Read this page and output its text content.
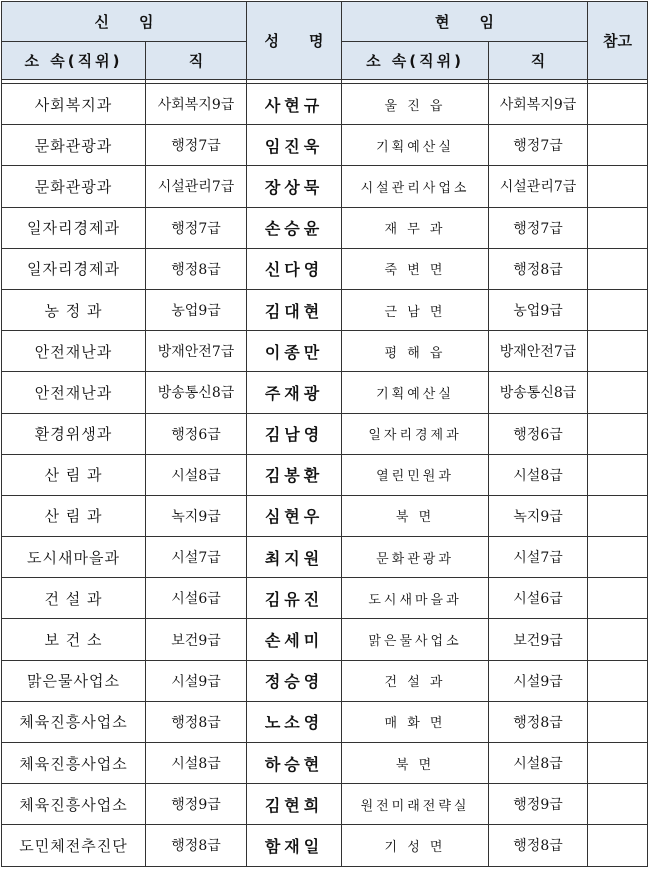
신　　임		성　　명	현　　임		참고
소 속(직위)	직		소 속(직위)	직	

사회복지과	사회복지9급	사현규	울 진 읍	사회복지9급	
문화관광과	행정7급	임진욱	기획예산실	행정7급	
문화관광과	시설관리7급	장상묵	시설관리사업소	시설관리7급	
일자리경제과	행정7급	손승윤	재 무 과	행정7급	
일자리경제과	행정8급	신다영	죽 변 면	행정8급	
농 정 과	농업9급	김대현	근 남 면	농업9급	
안전재난과	방재안전7급	이종만	평 해 읍	방재안전7급	
안전재난과	방송통신8급	주재광	기획예산실	방송통신8급	
환경위생과	행정6급	김남영	일자리경제과	행정6급	
산 림 과	시설8급	김봉환	열린민원과	시설8급	
산 림 과	녹지9급	심현우	북 면	녹지9급	
도시새마을과	시설7급	최지원	문화관광과	시설7급	
건 설 과	시설6급	김유진	도시새마을과	시설6급	
보 건 소	보건9급	손세미	맑은물사업소	보건9급	
맑은물사업소	시설9급	정승영	건 설 과	시설9급	
체육진흥사업소	행정8급	노소영	매 화 면	행정8급	
체육진흥사업소	시설8급	하승현	북 면	시설8급	
체육진흥사업소	행정9급	김현희	원전미래전략실	행정9급	
도민체전추진단	행정8급	함재일	기 성 면	행정8급	
